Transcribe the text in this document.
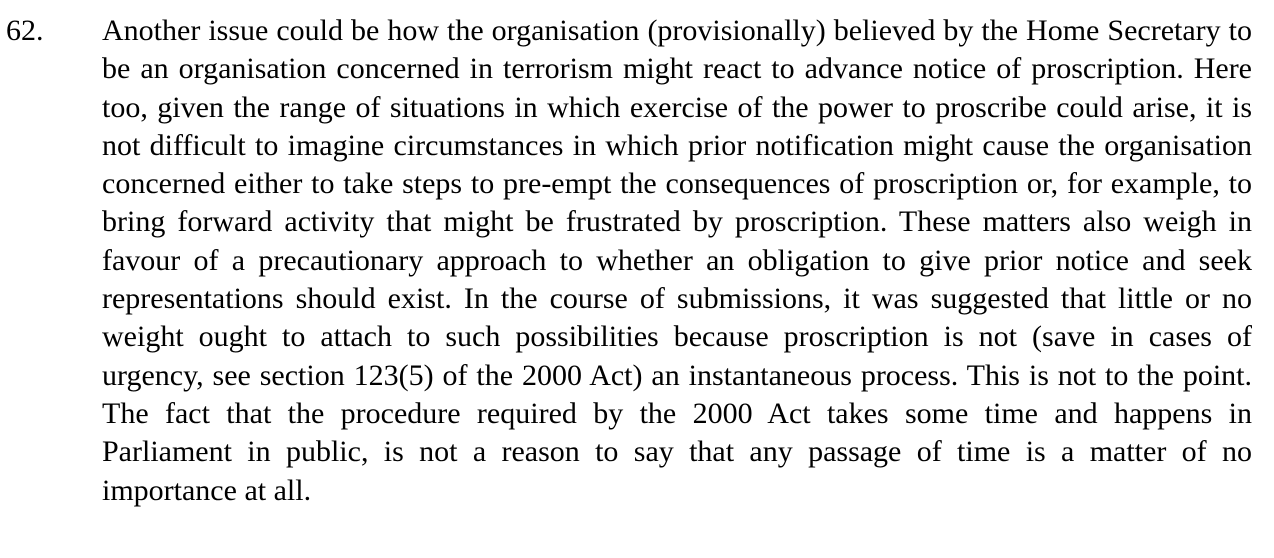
62. Another issue could be how the organisation (provisionally) believed by the Home Secretary to be an organisation concerned in terrorism might react to advance notice of proscription. Here too, given the range of situations in which exercise of the power to proscribe could arise, it is not difficult to imagine circumstances in which prior notification might cause the organisation concerned either to take steps to pre-empt the consequences of proscription or, for example, to bring forward activity that might be frustrated by proscription. These matters also weigh in favour of a precautionary approach to whether an obligation to give prior notice and seek representations should exist. In the course of submissions, it was suggested that little or no weight ought to attach to such possibilities because proscription is not (save in cases of urgency, see section 123(5) of the 2000 Act) an instantaneous process. This is not to the point. The fact that the procedure required by the 2000 Act takes some time and happens in Parliament in public, is not a reason to say that any passage of time is a matter of no importance at all.
